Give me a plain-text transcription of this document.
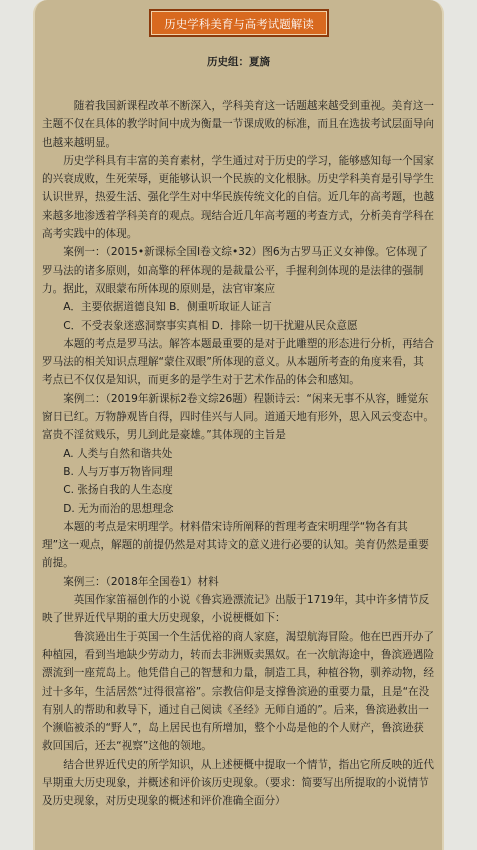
历史学科美育与高考试题解读
历史组：夏旖

随着我国新课程改革不断深入，学科美育这一话题越来越受到重视。美育这一主题不仅在具体的教学时间中成为衡量一节课成败的标准，而且在选拔考试层面导向也越来越明显。

历史学科具有丰富的美育素材，学生通过对于历史的学习，能够感知每一个国家的兴衰成败，生死荣辱，更能够认识一个民族的文化根脉。历史学科美育是引导学生认识世界，热爱生活、强化学生对中华民族传统文化的自信。近几年的高考题，也越来越多地渗透着学科美育的观点。现结合近几年高考题的考查方式，分析美育学科在高考实践中的体现。

案例一：（2015•新课标全国Ⅰ卷文综•32）图6为古罗马正义女神像。它体现了罗马法的诸多原则，如高擎的秤体现的是裁量公平，手握利剑体现的是法律的强制力。据此，双眼蒙布所体现的原则是，法官审案应

A．主要依据道德良知 B．侧重听取证人证言

C．不受表象迷惑洞察事实真相 D．排除一切干扰避从民众意愿

本题的考点是罗马法。解答本题最重要的是对于此雕塑的形态进行分析，再结合罗马法的相关知识点理解“蒙住双眼”所体现的意义。从本题所考查的角度来看，其考点已不仅仅是知识，而更多的是学生对于艺术作品的体会和感知。

案例二：（2019年新课标2卷文综26题）程颢诗云：“闲来无事不从容，睡觉东窗日已红。万物静观皆自得，四时佳兴与人同。道通天地有形外，思入风云变态中。富贵不淫贫贱乐，男儿到此是豪雄。”其体现的主旨是

A. 人类与自然和谐共处

B. 人与万事万物皆同理

C. 张扬自我的人生态度

D. 无为而治的思想理念

本题的考点是宋明理学。材料借宋诗所阐释的哲理考查宋明理学“物各有其理”这一观点，解题的前提仍然是对其诗文的意义进行必要的认知。美育仍然是重要前提。

案例三：（2018年全国卷1）材料

英国作家笛福创作的小说《鲁宾逊漂流记》出版于1719年，其中许多情节反映了世界近代早期的重大历史现象，小说梗概如下：

鲁滨逊出生于英国一个生活优裕的商人家庭，渴望航海冒险。他在巴西开办了种植园，看到当地缺少劳动力，转而去非洲贩卖黑奴。在一次航海途中，鲁滨逊遇险漂流到一座荒岛上。他凭借自己的智慧和力量，制造工具，种植谷物，驯养动物，经过十多年，生活居然“过得很富裕”。宗教信仰是支撑鲁滨逊的重要力量，且是“在没有别人的帮助和救导下，通过自己阅读《圣经》无师自通的”。后来，鲁滨逊救出一个濒临被杀的“野人”，岛上居民也有所增加，整个小岛是他的个人财产，鲁滨逊获救回国后，还去“视察”这他的领地。

结合世界近代史的所学知识，从上述梗概中提取一个情节，指出它所反映的近代早期重大历史现象，并概述和评价该历史现象。（要求：简要写出所提取的小说情节及历史现象，对历史现象的概述和评价准确全面分）
